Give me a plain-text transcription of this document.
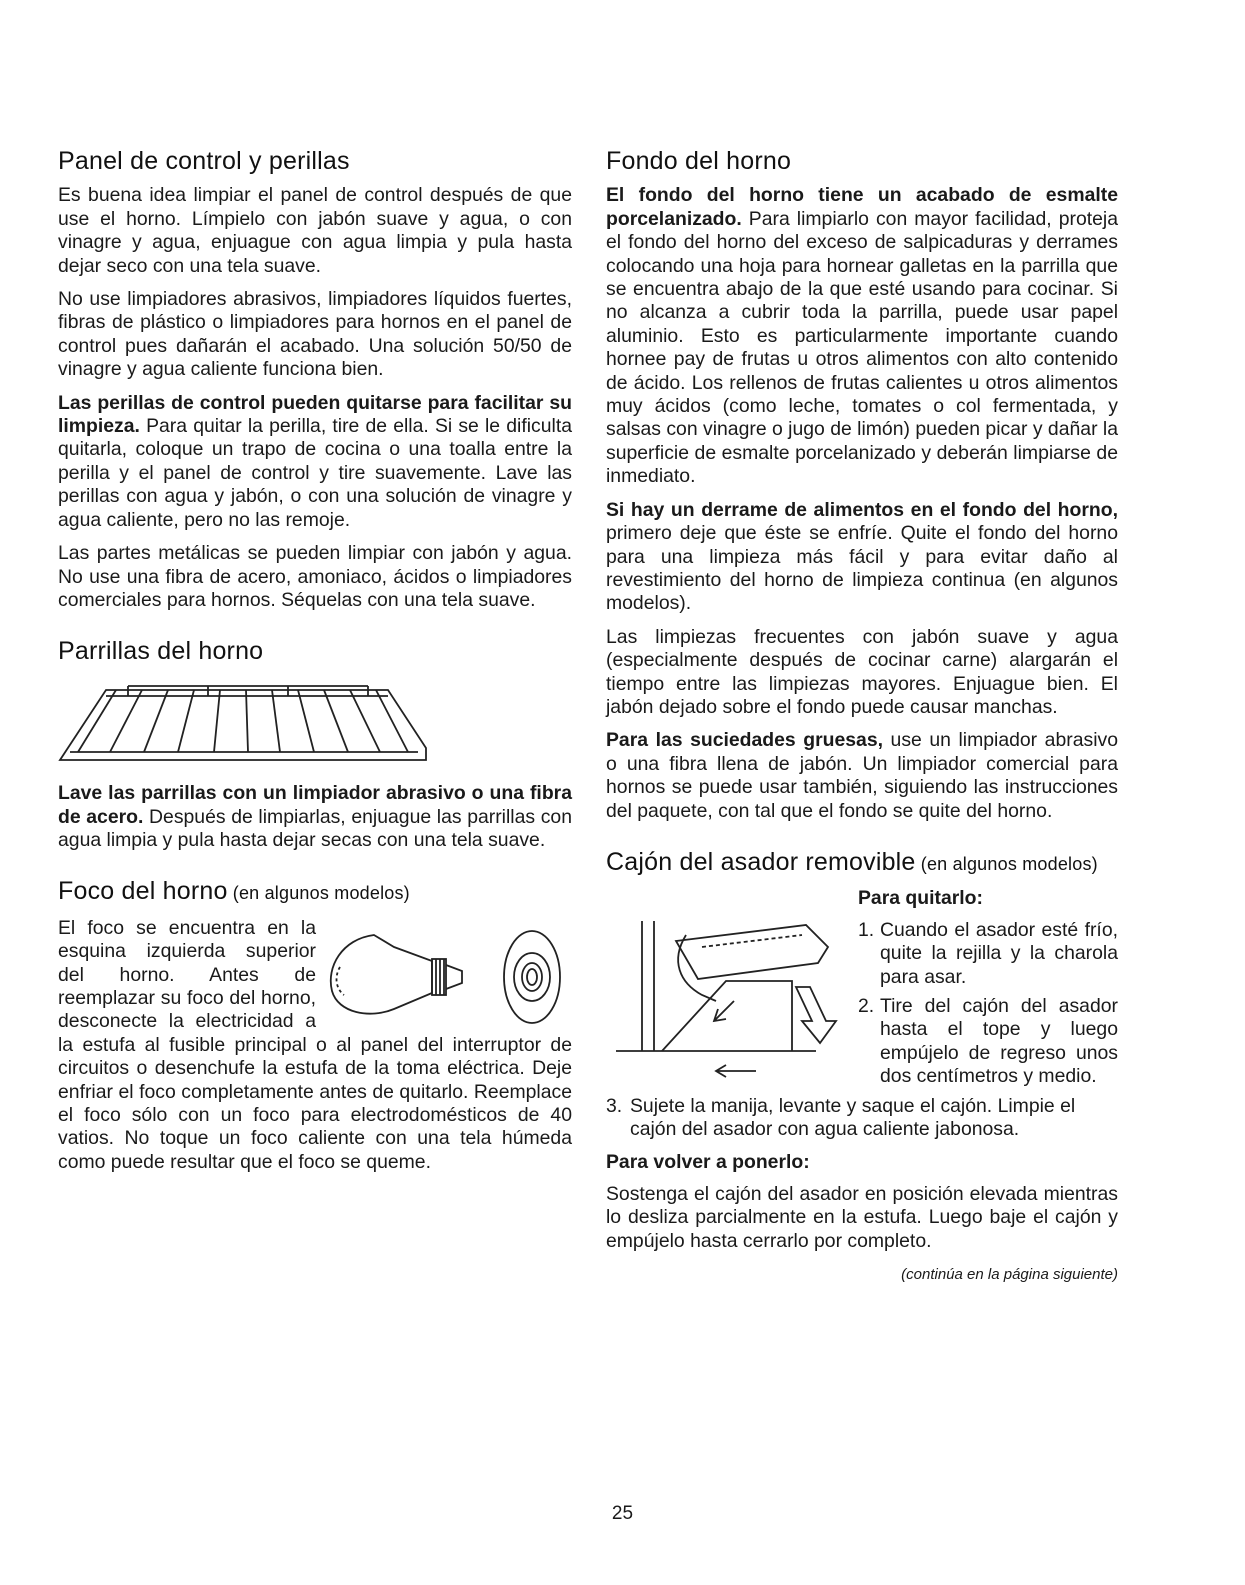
Panel de control y perillas

Es buena idea limpiar el panel de control después de que use el horno. Límpielo con jabón suave y agua, o con vinagre y agua, enjuague con agua limpia y pula hasta dejar seco con una tela suave.

No use limpiadores abrasivos, limpiadores líquidos fuertes, fibras de plástico o limpiadores para hornos en el panel de control pues dañarán el acabado. Una solución 50/50 de vinagre y agua caliente funciona bien.

Las perillas de control pueden quitarse para facilitar su limpieza. Para quitar la perilla, tire de ella. Si se le dificulta quitarla, coloque un trapo de cocina o una toalla entre la perilla y el panel de control y tire suavemente. Lave las perillas con agua y jabón, o con una solución de vinagre y agua caliente, pero no las remoje.

Las partes metálicas se pueden limpiar con jabón y agua. No use una fibra de acero, amoniaco, ácidos o limpiadores comerciales para hornos. Séquelas con una tela suave.

Parrillas del horno

Lave las parrillas con un limpiador abrasivo o una fibra de acero. Después de limpiarlas, enjuague las parrillas con agua limpia y pula hasta dejar secas con una tela suave.

Foco del horno (en algunos modelos)

El foco se encuentra en la esquina izquierda superior del horno. Antes de reemplazar su foco del horno, desconecte la electricidad a la estufa al fusible principal o al panel del interruptor de circuitos o desenchufe la estufa de la toma eléctrica. Deje enfriar el foco completamente antes de quitarlo. Reemplace el foco sólo con un foco para electrodomésticos de 40 vatios. No toque un foco caliente con una tela húmeda como puede resultar que el foco se queme.

Fondo del horno

El fondo del horno tiene un acabado de esmalte porcelanizado. Para limpiarlo con mayor facilidad, proteja el fondo del horno del exceso de salpicaduras y derrames colocando una hoja para hornear galletas en la parrilla que se encuentra abajo de la que esté usando para cocinar. Si no alcanza a cubrir toda la parrilla, puede usar papel aluminio. Esto es particularmente importante cuando hornee pay de frutas u otros alimentos con alto contenido de ácido. Los rellenos de frutas calientes u otros alimentos muy ácidos (como leche, tomates o col fermentada, y salsas con vinagre o jugo de limón) pueden picar y dañar la superficie de esmalte porcelanizado y deberán limpiarse de inmediato.

Si hay un derrame de alimentos en el fondo del horno, primero deje que éste se enfríe. Quite el fondo del horno para una limpieza más fácil y para evitar daño al revestimiento del horno de limpieza continua (en algunos modelos).

Las limpiezas frecuentes con jabón suave y agua (especialmente después de cocinar carne) alargarán el tiempo entre las limpiezas mayores. Enjuague bien. El jabón dejado sobre el fondo puede causar manchas.

Para las suciedades gruesas, use un limpiador abrasivo o una fibra llena de jabón. Un limpiador comercial para hornos se puede usar también, siguiendo las instrucciones del paquete, con tal que el fondo se quite del horno.

Cajón del asador removible (en algunos modelos)
Para quitarlo:
1. Cuando el asador esté frío, quite la rejilla y la charola para asar.
2. Tire del cajón del asador hasta el tope y luego empújelo de regreso unos dos centímetros y medio.
3. Sujete la manija, levante y saque el cajón. Limpie el cajón del asador con agua caliente jabonosa.
Para volver a ponerlo:

Sostenga el cajón del asador en posición elevada mientras lo desliza parcialmente en la estufa. Luego baje el cajón y empújelo hasta cerrarlo por completo.

(continúa en la página siguiente)
25
